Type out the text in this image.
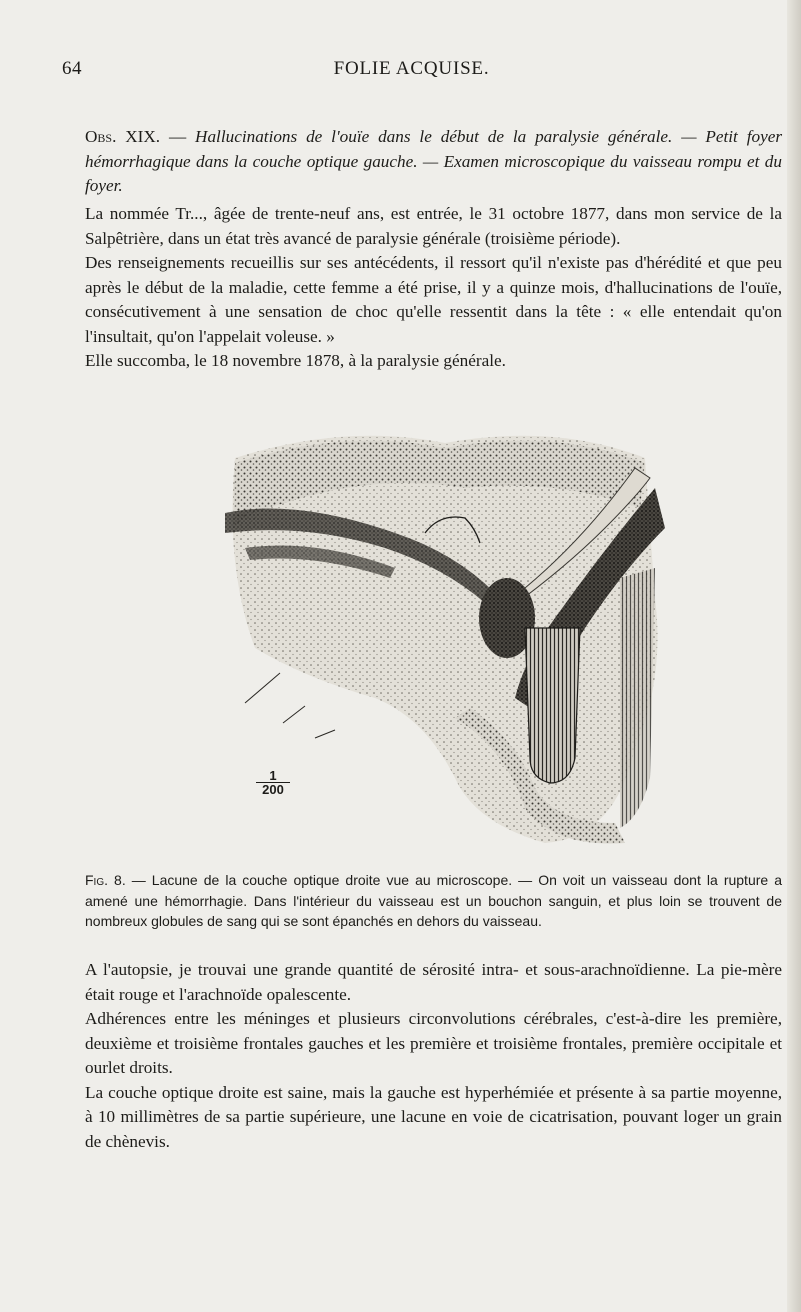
64	FOLIE ACQUISE.
Obs. XIX. — Hallucinations de l'ouïe dans le début de la paralysie générale. — Petit foyer hémorrhagique dans la couche optique gauche. — Examen microscopique du vaisseau rompu et du foyer.

La nommée Tr..., âgée de trente-neuf ans, est entrée, le 31 octobre 1877, dans mon service de la Salpêtrière, dans un état très avancé de paralysie générale (troisième période).

Des renseignements recueillis sur ses antécédents, il ressort qu'il n'existe pas d'hérédité et que peu après le début de la maladie, cette femme a été prise, il y a quinze mois, d'hallucinations de l'ouïe, consécutivement à une sensation de choc qu'elle ressentit dans la tête : « elle entendait qu'on l'insultait, qu'on l'appelait voleuse. »

Elle succomba, le 18 novembre 1878, à la paralysie générale.

$\frac{1}{200}$
Fig. 8. — Lacune de la couche optique droite vue au microscope. — On voit un vaisseau dont la rupture a amené une hémorrhagie. Dans l'intérieur du vaisseau est un bouchon sanguin, et plus loin se trouvent de nombreux globules de sang qui se sont épanchés en dehors du vaisseau.

A l'autopsie, je trouvai une grande quantité de sérosité intra- et sous-arachnoïdienne. La pie-mère était rouge et l'arachnoïde opalescente.

Adhérences entre les méninges et plusieurs circonvolutions cérébrales, c'est-à-dire les première, deuxième et troisième frontales gauches et les première et troisième frontales, première occipitale et ourlet droits.

La couche optique droite est saine, mais la gauche est hyperhémiée et présente à sa partie moyenne, à 10 millimètres de sa partie supérieure, une lacune en voie de cicatrisation, pouvant loger un grain de chènevis.
